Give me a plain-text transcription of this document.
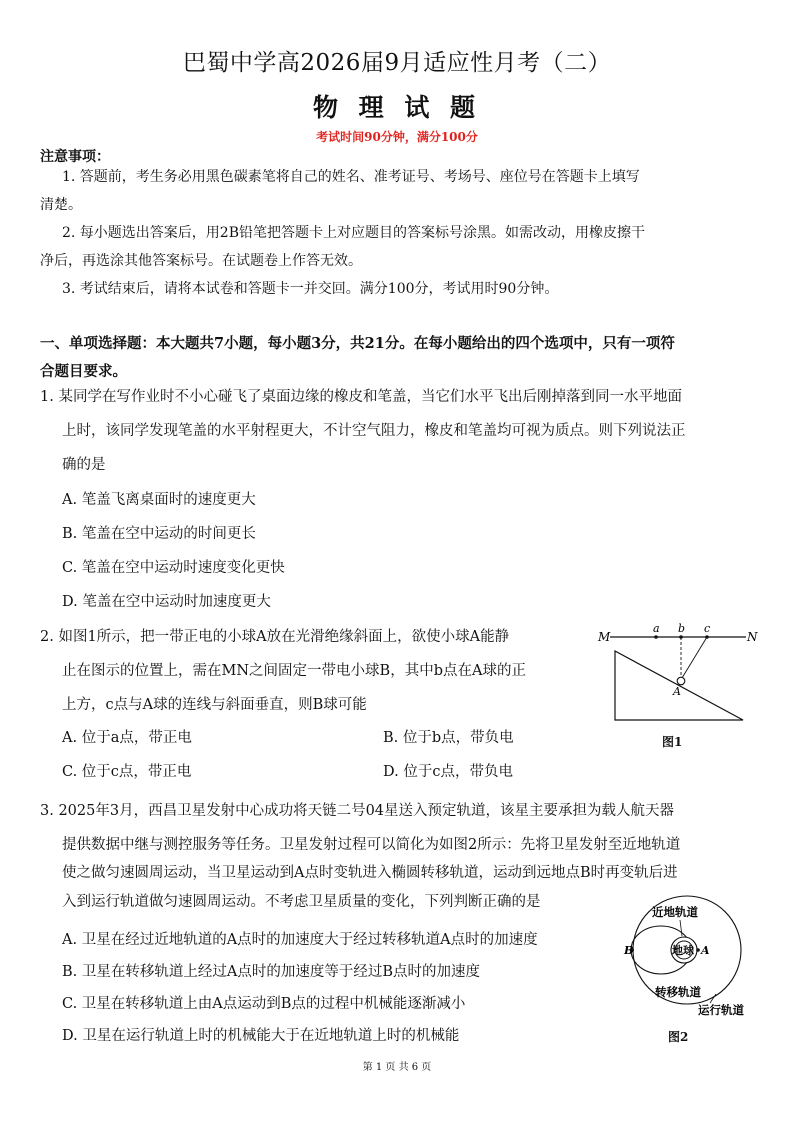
巴蜀中学高2026届9月适应性月考（二）
物 理 试 题
考试时间90分钟，满分100分
注意事项：
1. 答题前，考生务必用黑色碳素笔将自己的姓名、准考证号、考场号、座位号在答题卡上填写
清楚。
2. 每小题选出答案后，用2B铅笔把答题卡上对应题目的答案标号涂黑。如需改动，用橡皮擦干
净后，再选涂其他答案标号。在试题卷上作答无效。
3. 考试结束后，请将本试卷和答题卡一并交回。满分100分，考试用时90分钟。
一、单项选择题：本大题共7小题，每小题3分，共21分。在每小题给出的四个选项中，只有一项符
合题目要求。
1. 某同学在写作业时不小心碰飞了桌面边缘的橡皮和笔盖，当它们水平飞出后刚掉落到同一水平地面
上时，该同学发现笔盖的水平射程更大，不计空气阻力，橡皮和笔盖均可视为质点。则下列说法正
确的是
A. 笔盖飞离桌面时的速度更大
B. 笔盖在空中运动的时间更长
C. 笔盖在空中运动时速度变化更快
D. 笔盖在空中运动时加速度更大
2. 如图1所示，把一带正电的小球A放在光滑绝缘斜面上，欲使小球A能静
止在图示的位置上，需在MN之间固定一带电小球B，其中b点在A球的正
上方，c点与A球的连线与斜面垂直，则B球可能
A. 位于a点，带正电	B. 位于b点，带负电
C. 位于c点，带正电	D. 位于c点，带负电
M	N
a b c
A
图1
3. 2025年3月，西昌卫星发射中心成功将天链二号04星送入预定轨道，该星主要承担为载人航天器
提供数据中继与测控服务等任务。卫星发射过程可以简化为如图2所示：先将卫星发射至近地轨道
使之做匀速圆周运动，当卫星运动到A点时变轨进入椭圆转移轨道，运动到远地点B时再变轨后进
入到运行轨道做匀速圆周运动。不考虑卫星质量的变化，下列判断正确的是
A. 卫星在经过近地轨道的A点时的加速度大于经过转移轨道A点时的加速度
B. 卫星在转移轨道上经过A点时的加速度等于经过B点时的加速度
C. 卫星在转移轨道上由A点运动到B点的过程中机械能逐渐减小
D. 卫星在运行轨道上时的机械能大于在近地轨道上时的机械能
地球
近地轨道
转移轨道
运行轨道
B	A
图2
第 1 页 共 6 页
